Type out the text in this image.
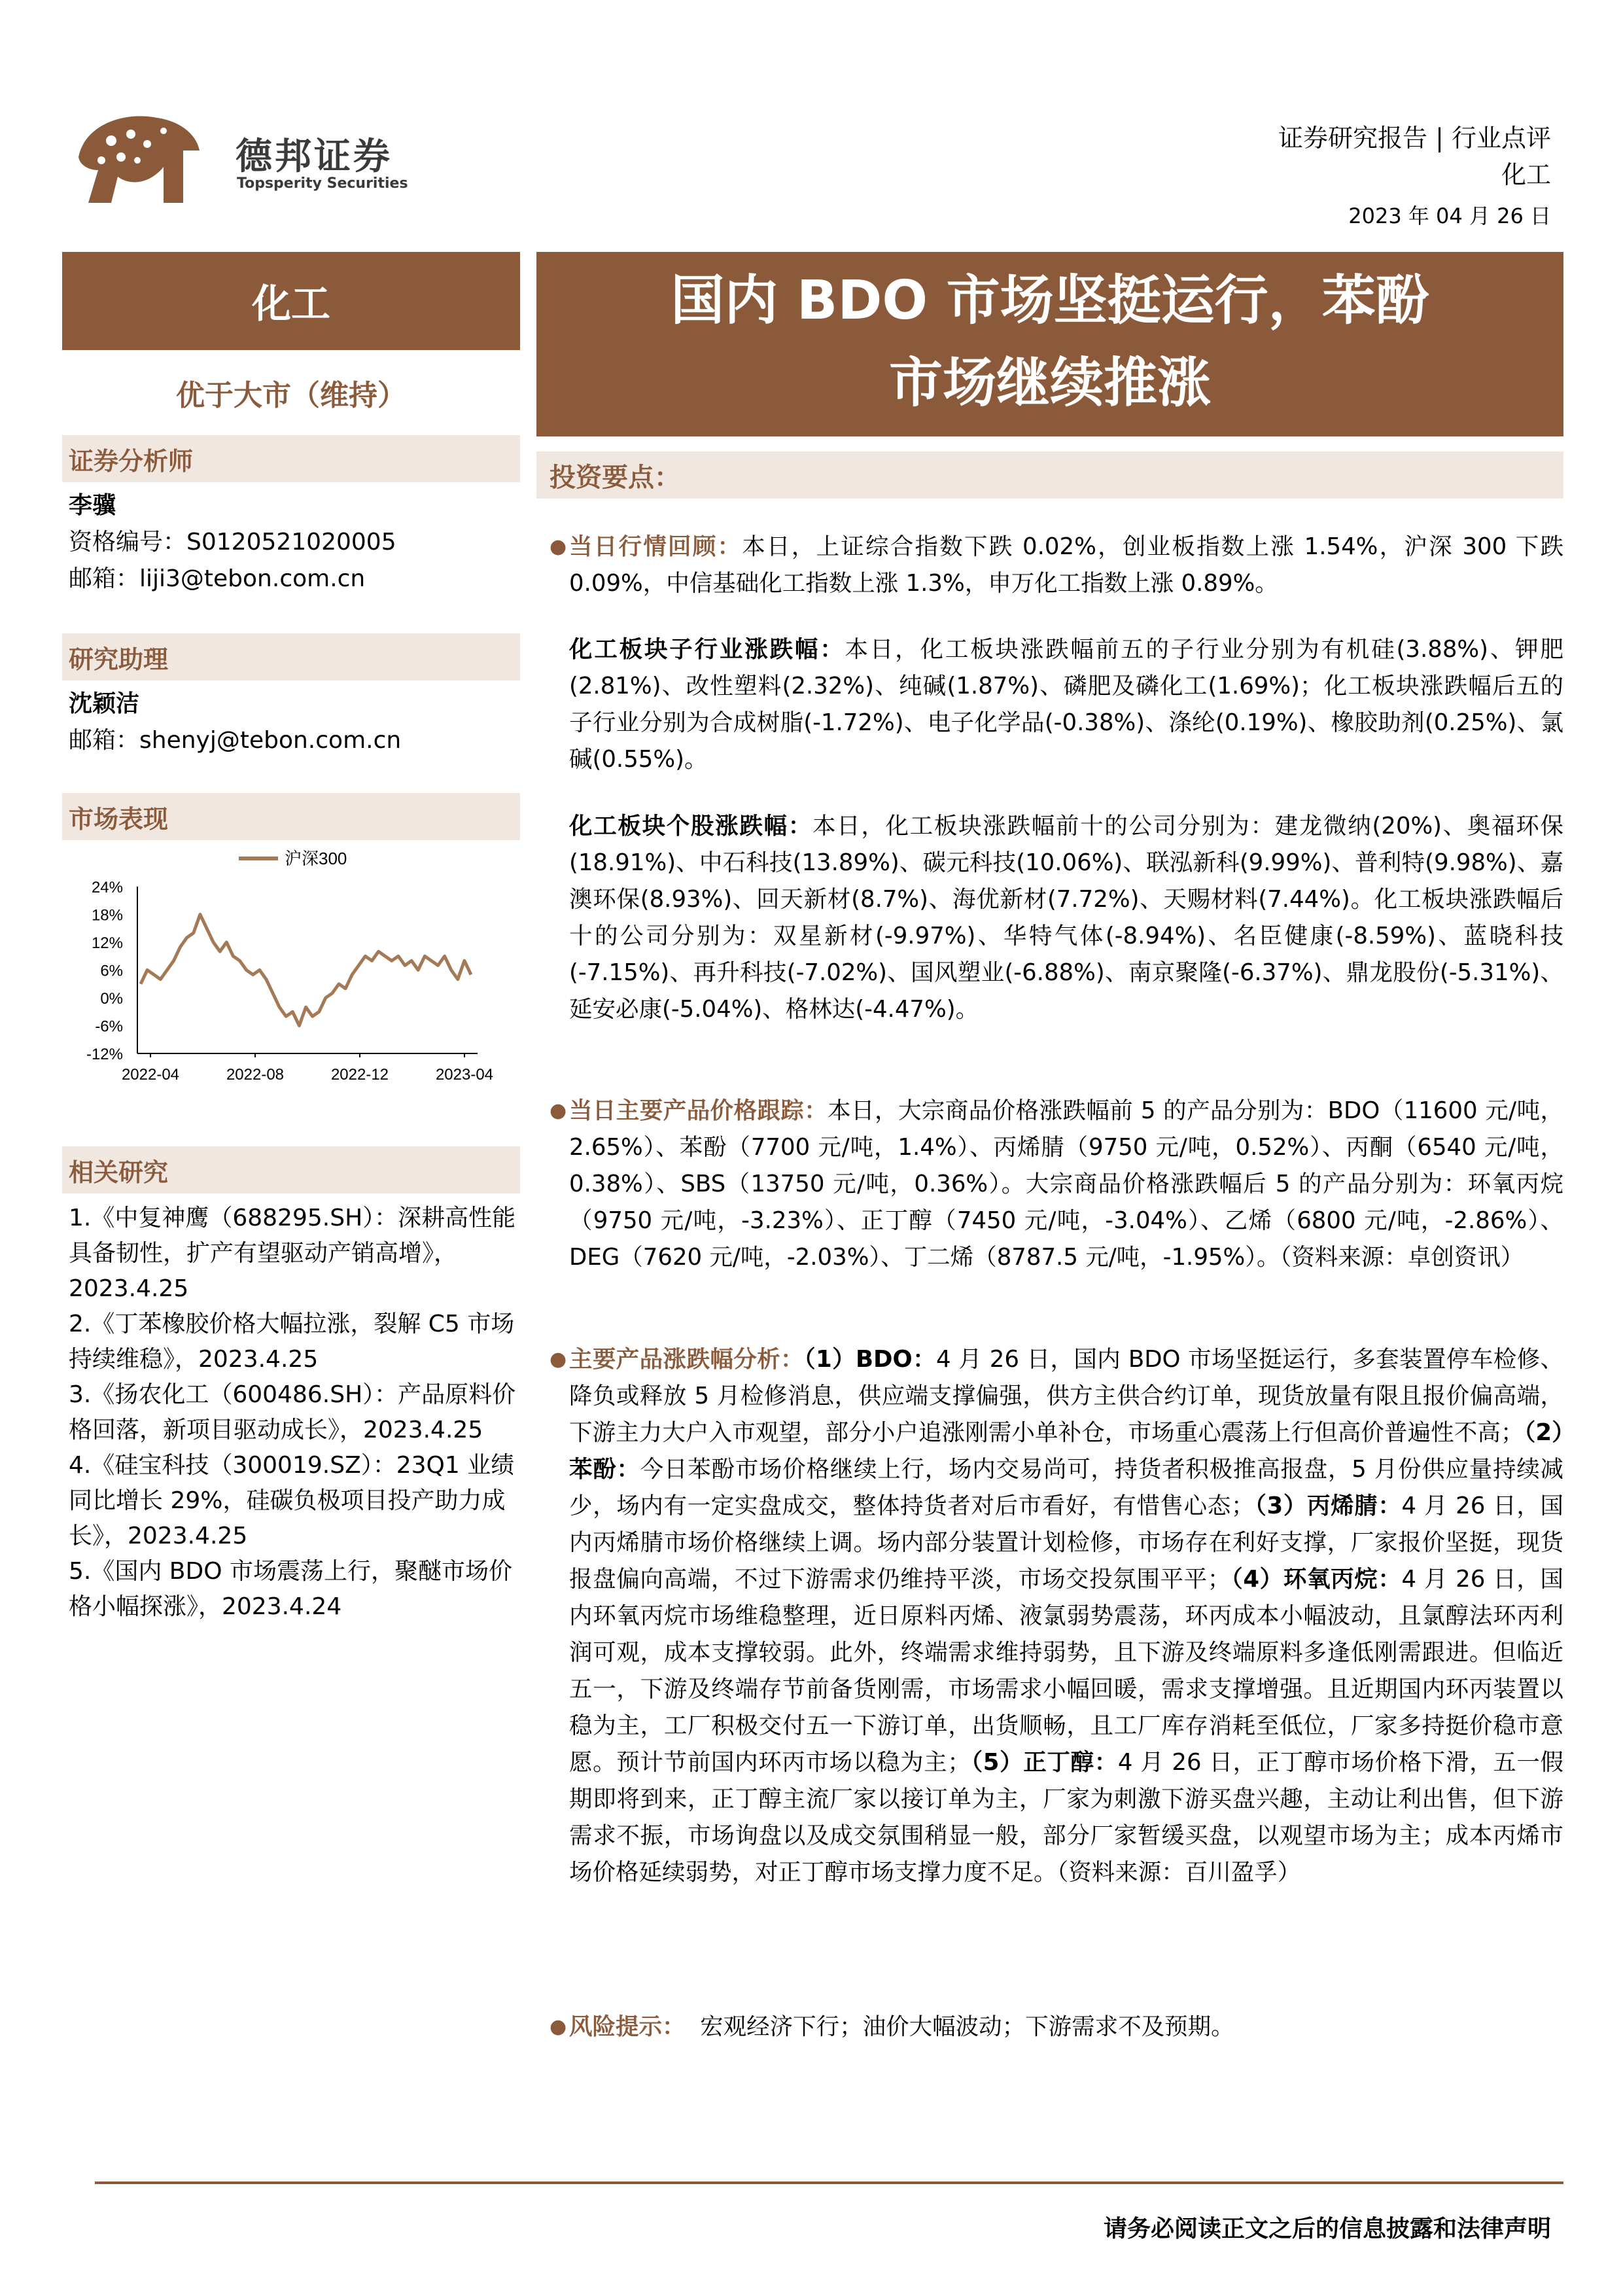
德邦证券
Topsperity Securities
证券研究报告 | 行业点评
化工
2023 年 04 月 26 日
化工
优于大市（维持）
证券分析师
李骥
资格编号：S0120521020005
邮箱：liji3@tebon.com.cn
研究助理
沈颖洁
邮箱：shenyj@tebon.com.cn
市场表现
24%
18%
12%
6%
0%
-6%
-12%
2022-04	2022-08	2022-12	2023-04
沪深300
相关研究
1.《中复神鹰（688295.SH）：深耕高性能具备韧性，扩产有望驱动产销高增》，2023.4.25
2.《丁苯橡胶价格大幅拉涨，裂解 C5 市场持续维稳》，2023.4.25
3.《扬农化工（600486.SH）：产品原料价格回落，新项目驱动成长》，2023.4.25
4.《硅宝科技（300019.SZ）：23Q1 业绩同比增长 29%，硅碳负极项目投产助力成长》，2023.4.25
5.《国内 BDO 市场震荡上行，聚醚市场价格小幅探涨》，2023.4.24
国内 BDO 市场坚挺运行，苯酚
市场继续推涨
投资要点：
● 当日行情回顾：本日，上证综合指数下跌 0.02%，创业板指数上涨 1.54%，沪深 300 下跌 0.09%，中信基础化工指数上涨 1.3%，申万化工指数上涨 0.89%。
化工板块子行业涨跌幅：本日，化工板块涨跌幅前五的子行业分别为有机硅(3.88%)、钾肥(2.81%)、改性塑料(2.32%)、纯碱(1.87%)、磷肥及磷化工(1.69%)；化工板块涨跌幅后五的子行业分别为合成树脂(-1.72%)、电子化学品(-0.38%)、涤纶(0.19%)、橡胶助剂(0.25%)、氯碱(0.55%)。
化工板块个股涨跌幅：本日，化工板块涨跌幅前十的公司分别为：建龙微纳(20%)、奥福环保(18.91%)、中石科技(13.89%)、碳元科技(10.06%)、联泓新科(9.99%)、普利特(9.98%)、嘉澳环保(8.93%)、回天新材(8.7%)、海优新材(7.72%)、天赐材料(7.44%)。化工板块涨跌幅后十的公司分别为：双星新材(-9.97%)、华特气体(-8.94%)、名臣健康(-8.59%)、蓝晓科技(-7.15%)、再升科技(-7.02%)、国风塑业(-6.88%)、南京聚隆(-6.37%)、鼎龙股份(-5.31%)、延安必康(-5.04%)、格林达(-4.47%)。
● 当日主要产品价格跟踪：本日，大宗商品价格涨跌幅前 5 的产品分别为：BDO（11600 元/吨，2.65%）、苯酚（7700 元/吨，1.4%）、丙烯腈（9750 元/吨，0.52%）、丙酮（6540 元/吨，0.38%）、SBS（13750 元/吨，0.36%）。大宗商品价格涨跌幅后 5 的产品分别为：环氧丙烷（9750 元/吨，-3.23%）、正丁醇（7450 元/吨，-3.04%）、乙烯（6800 元/吨，-2.86%）、DEG（7620 元/吨，-2.03%）、丁二烯（8787.5 元/吨，-1.95%）。（资料来源：卓创资讯）
● 主要产品涨跌幅分析：（1）BDO：4 月 26 日，国内 BDO 市场坚挺运行，多套装置停车检修、降负或释放 5 月检修消息，供应端支撑偏强，供方主供合约订单，现货放量有限且报价偏高端，下游主力大户入市观望，部分小户追涨刚需小单补仓，市场重心震荡上行但高价普遍性不高；（2）苯酚：今日苯酚市场价格继续上行，场内交易尚可，持货者积极推高报盘，5 月份供应量持续减少，场内有一定实盘成交，整体持货者对后市看好，有惜售心态；（3）丙烯腈：4 月 26 日，国内丙烯腈市场价格继续上调。场内部分装置计划检修，市场存在利好支撑，厂家报价坚挺，现货报盘偏向高端，不过下游需求仍维持平淡，市场交投氛围平平；（4）环氧丙烷：4 月 26 日，国内环氧丙烷市场维稳整理，近日原料丙烯、液氯弱势震荡，环丙成本小幅波动，且氯醇法环丙利润可观，成本支撑较弱。此外，终端需求维持弱势，且下游及终端原料多逢低刚需跟进。但临近五一，下游及终端存节前备货刚需，市场需求小幅回暖，需求支撑增强。且近期国内环丙装置以稳为主，工厂积极交付五一下游订单，出货顺畅，且工厂库存消耗至低位，厂家多持挺价稳市意愿。预计节前国内环丙市场以稳为主；（5）正丁醇：4 月 26 日，正丁醇市场价格下滑，五一假期即将到来，正丁醇主流厂家以接订单为主，厂家为刺激下游买盘兴趣，主动让利出售，但下游需求不振，市场询盘以及成交氛围稍显一般，部分厂家暂缓买盘，以观望市场为主；成本丙烯市场价格延续弱势，对正丁醇市场支撑力度不足。（资料来源：百川盈孚）
● 风险提示： 宏观经济下行；油价大幅波动；下游需求不及预期。
请务必阅读正文之后的信息披露和法律声明
